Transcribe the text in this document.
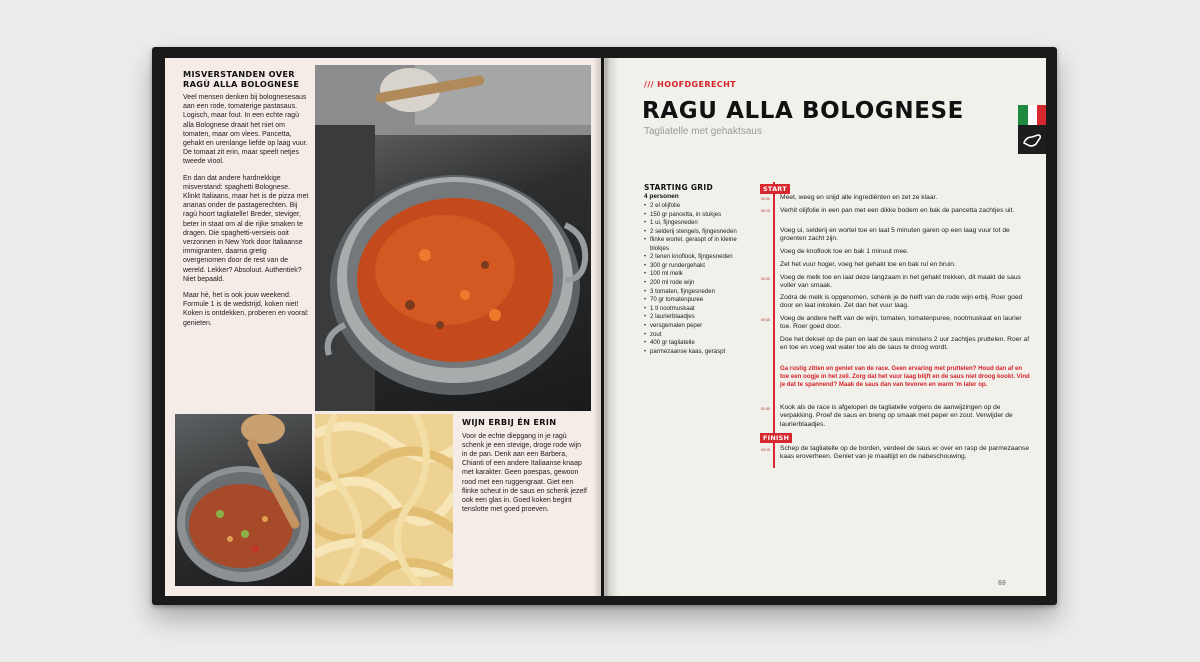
MISVERSTANDEN OVER RAGÙ ALLA BOLOGNESE

Veel mensen denken bij bolognesesaus aan een rode, tomaterige pastasaus. Logisch, maar fout. In een echte ragù alla Bolognese draait het niet om tomaten, maar om vlees. Pancetta, gehakt en urenlange liefde op laag vuur. De tomaat zit erin, maar speelt netjes tweede viool.

En dan dat andere hardnekkige misverstand: spaghetti Bolognese. Klinkt Italiaans, maar het is de pizza met ananas onder de pastagerechten. Bij ragù hoort tagliatelle! Breder, steviger, beter in staat om al die rijke smaken te dragen. Die spaghetti-versieis ooit verzonnen in New York door Italiaanse immigranten, daarna gretig overgenomen door de rest van de wereld. Lekker? Absoluut. Authentiek? Niet bepaald.

Maar hé, het is ook jouw weekend. Formule 1 is de wedstrijd, koken niet! Koken is ontdekken, proberen en vooral: genieten.

WIJN ERBIJ ÉN ERIN

Voor de echte diepgang in je ragù schenk je een stevige, droge rode wijn in de pan. Denk aan een Barbera, Chianti of een andere Italiaanse knaap met karakter. Geen poespas, gewoon rood met een ruggengraat. Giet een flinke scheut in de saus en schenk jezelf ook een glas in. Goed koken begint tenslotte met goed proeven.

/// HOOFDGERECHT
RAGU ALLA BOLOGNESE
Tagliatelle met gehaktsaus
STARTING GRID
4 personen
• 2 el olijfolie
• 150 gr pancetta, in stukjes
• 1 ui, fijngesneden
• 2 selderij stengels, fijngesneden
• flinke wortel, geraspt of in kleine blokjes
• 2 tenen knoflook, fijngesneden
• 300 gr rundergehakt
• 100 ml melk
• 200 ml rode wijn
• 3 tomaten, fijngesneden
• 70 gr tomatenpuree
• 1 tl nootmuskaat
• 2 laurierblaadjes
• versgemalen peper
• zout
• 400 gr tagliatelle
• parmezaanse kaas, geraspt
START
00:00 Meet, weeg en snijd alle ingrediënten en zet ze klaar.
00:15 Verhit olijfolie in een pan met een dikke bodem en bak de pancetta zachtjes uit.
Voeg ui, selderij en wortel toe en laat 5 minuten garen op een laag vuur tot de groenten zacht zijn.
Voeg de knoflook toe en bak 1 minuut mee.
Zet het vuur hoger, voeg het gehakt toe en bak rul en bruin.
00:30 Voeg de melk toe en laat deze langzaam in het gehakt trekken, dit maakt de saus voller van smaak.
Zodra de melk is opgenomen, schenk je de helft van de rode wijn erbij. Roer goed door en laat inkoken. Zet dan het vuur laag.
00:45 Voeg de andere helft van de wijn, tomaten, tomatenpuree, nootmuskaat en laurier toe. Roer goed door.
Doe het deksel op de pan en laat de saus minstens 2 uur zachtjes pruttelen. Roer af en toe en voeg wat water toe als de saus te droog wordt.
Ga rustig zitten en geniet van de race. Geen ervaring met pruttelen? Houd dan af en toe een oogje in het zeil. Zorg dat het vuur laag blijft en de saus niet droog kookt. Vind je dat te spannend? Maak de saus dan van tevoren en warm 'm later op.
02:45 Kook als de race is afgelopen de tagliatelle volgens de aanwijzingen op de verpakking. Proef de saus en breng op smaak met peper en zout. Verwijder de laurierblaadjes.
FINISH
03:15 Schep de tagliatelle op de borden, verdeel de saus er over en rasp de parmezaanse kaas eroverheen. Geniet van je maaltijd en de nabeschouwing.
69
